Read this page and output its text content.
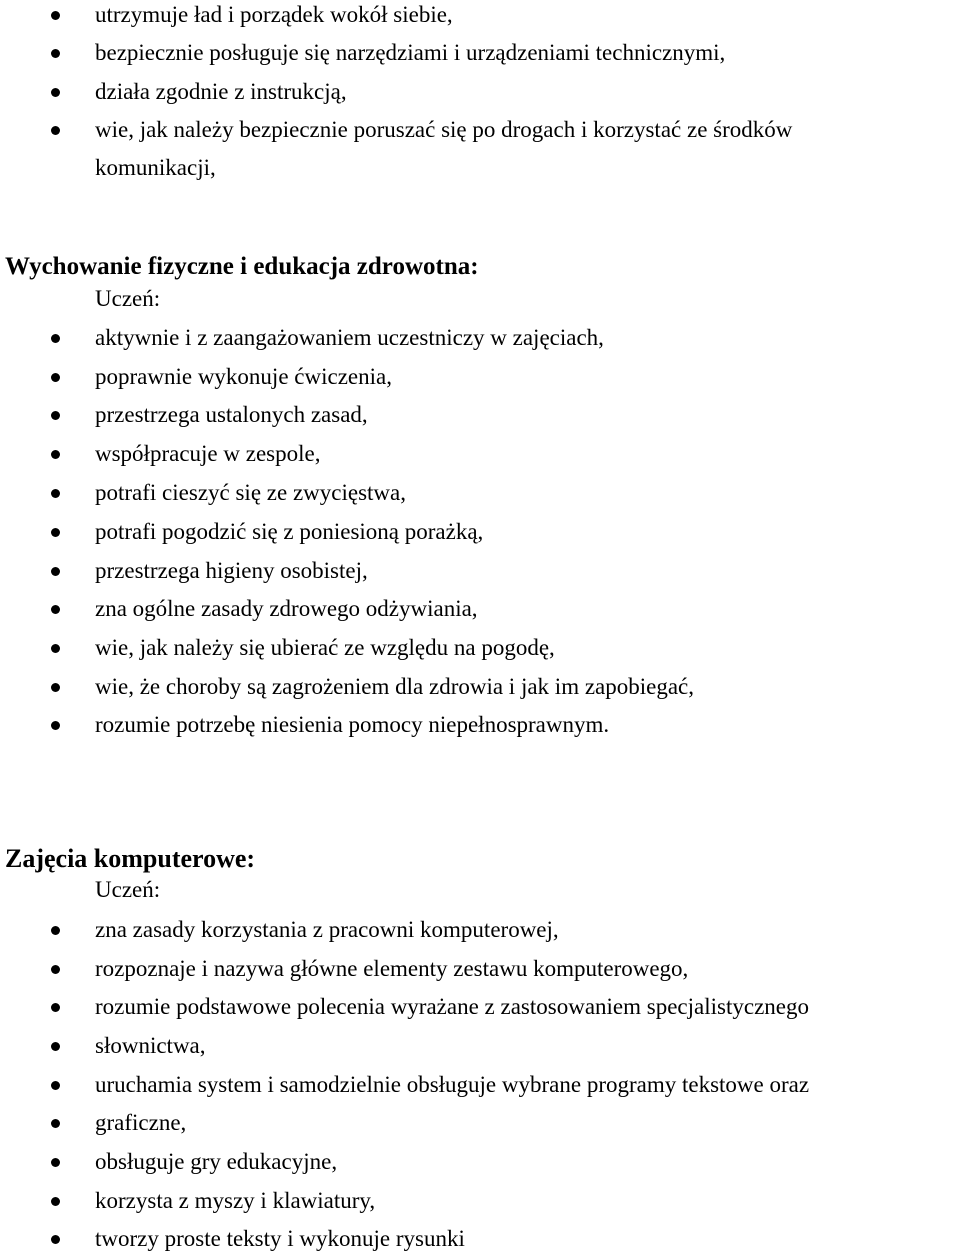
utrzymuje ład i porządek wokół siebie,
bezpiecznie posługuje się narzędziami i urządzeniami technicznymi,
działa zgodnie z instrukcją,
wie, jak należy bezpiecznie poruszać się po drogach i korzystać ze środków
komunikacji,
Wychowanie fizyczne i edukacja zdrowotna:
Uczeń:
aktywnie i z zaangażowaniem uczestniczy w zajęciach,
poprawnie wykonuje ćwiczenia,
przestrzega ustalonych zasad,
współpracuje w zespole,
potrafi cieszyć się ze zwycięstwa,
potrafi pogodzić się z poniesioną porażką,
przestrzega higieny osobistej,
zna ogólne zasady zdrowego odżywiania,
wie, jak należy się ubierać ze względu na pogodę,
wie, że choroby są zagrożeniem dla zdrowia i jak im zapobiegać,
rozumie potrzebę niesienia pomocy niepełnosprawnym.
Zajęcia komputerowe:
Uczeń:
zna zasady korzystania z pracowni komputerowej,
rozpoznaje i nazywa główne elementy zestawu komputerowego,
rozumie podstawowe polecenia wyrażane z zastosowaniem specjalistycznego
słownictwa,
uruchamia system i samodzielnie obsługuje wybrane programy tekstowe oraz
graficzne,
obsługuje gry edukacyjne,
korzysta z myszy i klawiatury,
tworzy proste teksty i wykonuje rysunki
